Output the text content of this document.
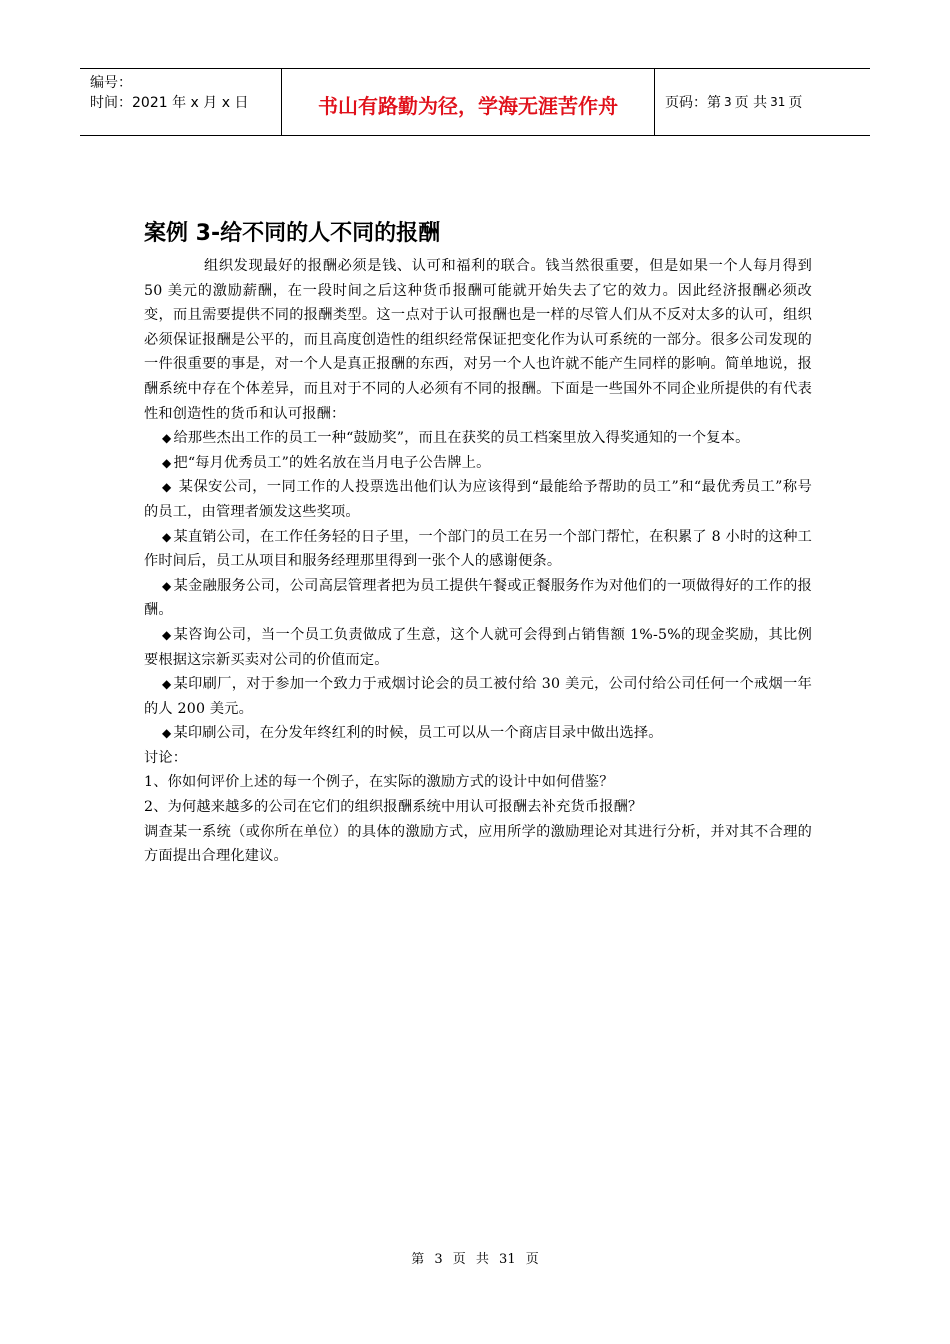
编号：
时间：2021 年 x 月 x 日	书山有路勤为径，学海无涯苦作舟	页码：第 3 页 共 31 页
案例 3-给不同的人不同的报酬

组织发现最好的报酬必须是钱、认可和福利的联合。钱当然很重要，但是如果一个人每月得到 50 美元的激励薪酬，在一段时间之后这种货币报酬可能就开始失去了它的效力。因此经济报酬必须改变，而且需要提供不同的报酬类型。这一点对于认可报酬也是一样的尽管人们从不反对太多的认可，组织必须保证报酬是公平的，而且高度创造性的组织经常保证把变化作为认可系统的一部分。很多公司发现的一件很重要的事是，对一个人是真正报酬的东西，对另一个人也许就不能产生同样的影响。简单地说，报酬系统中存在个体差异，而且对于不同的人必须有不同的报酬。下面是一些国外不同企业所提供的有代表性和创造性的货币和认可报酬：

◆ 给那些杰出工作的员工一种“鼓励奖”，而且在获奖的员工档案里放入得奖通知的一个复本。

◆ 把“每月优秀员工”的姓名放在当月电子公告牌上。

◆ 某保安公司，一同工作的人投票选出他们认为应该得到“最能给予帮助的员工”和“最优秀员工”称号的员工，由管理者颁发这些奖项。

◆ 某直销公司，在工作任务轻的日子里，一个部门的员工在另一个部门帮忙，在积累了 8 小时的这种工作时间后，员工从项目和服务经理那里得到一张个人的感谢便条。

◆ 某金融服务公司，公司高层管理者把为员工提供午餐或正餐服务作为对他们的一项做得好的工作的报酬。

◆ 某咨询公司，当一个员工负责做成了生意，这个人就可会得到占销售额 1%-5%的现金奖励，其比例要根据这宗新买卖对公司的价值而定。

◆ 某印刷厂，对于参加一个致力于戒烟讨论会的员工被付给 30 美元，公司付给公司任何一个戒烟一年的人 200 美元。

◆ 某印刷公司，在分发年终红利的时候，员工可以从一个商店目录中做出选择。

讨论：

1、你如何评价上述的每一个例子，在实际的激励方式的设计中如何借鉴？

2、为何越来越多的公司在它们的组织报酬系统中用认可报酬去补充货币报酬？

调查某一系统（或你所在单位）的具体的激励方式，应用所学的激励理论对其进行分析，并对其不合理的方面提出合理化建议。

第 3 页 共 31 页
